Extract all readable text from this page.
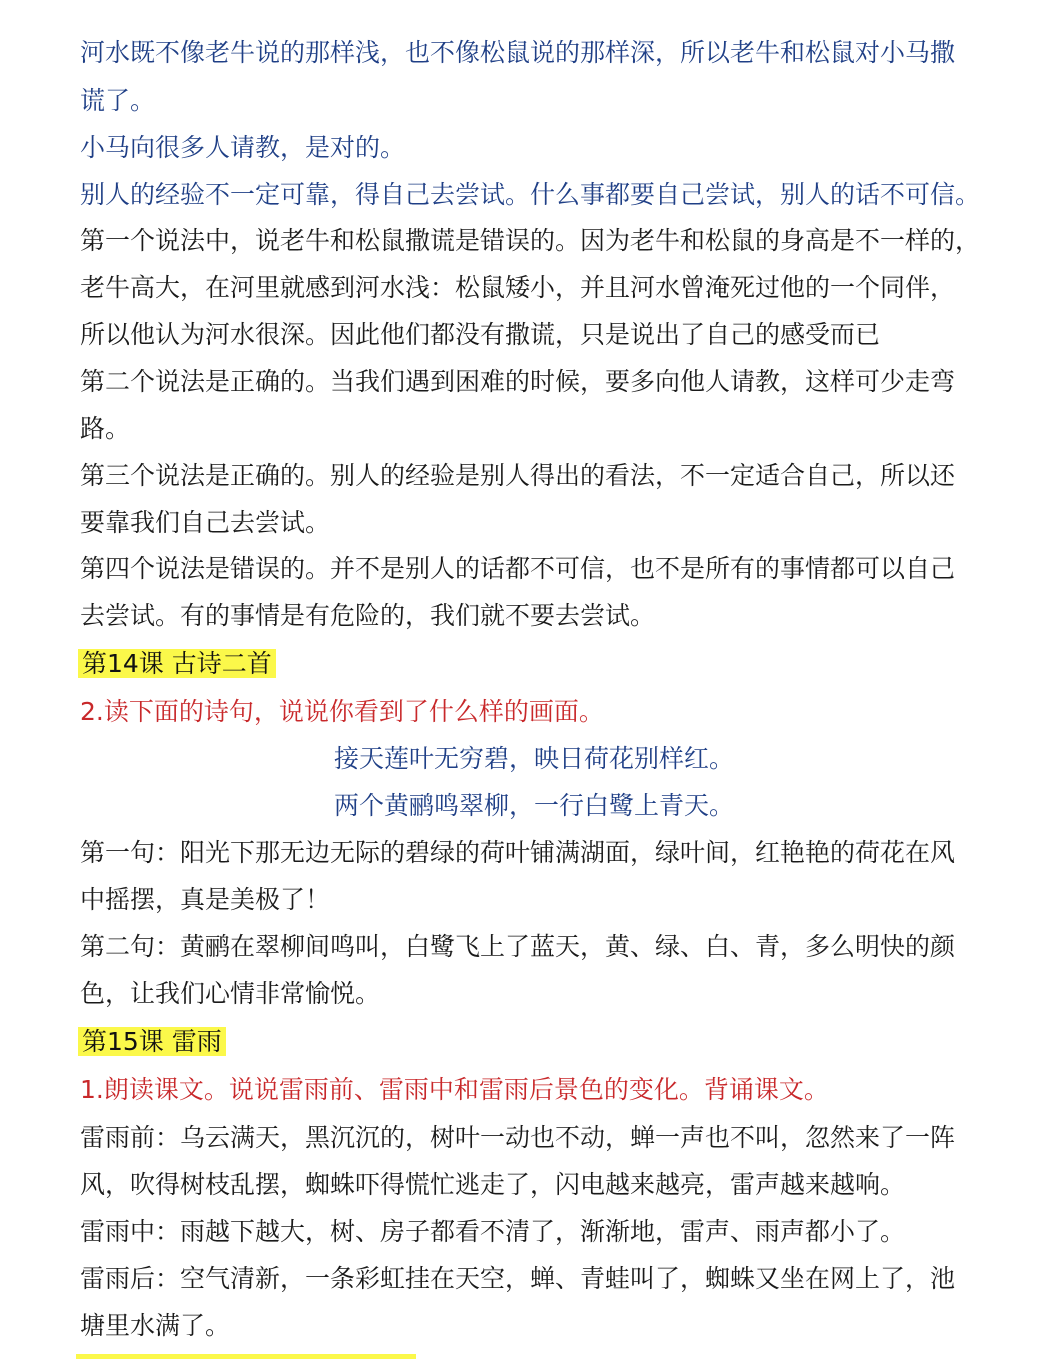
河水既不像老牛说的那样浅，也不像松鼠说的那样深，所以老牛和松鼠对小马撒
谎了。
小马向很多人请教，是对的。
别人的经验不一定可靠，得自己去尝试。什么事都要自己尝试，别人的话不可信。
第一个说法中，说老牛和松鼠撒谎是错误的。因为老牛和松鼠的身高是不一样的，
老牛高大，在河里就感到河水浅：松鼠矮小，并且河水曾淹死过他的一个同伴，
所以他认为河水很深。因此他们都没有撒谎，只是说出了自己的感受而已
第二个说法是正确的。当我们遇到困难的时候，要多向他人请教，这样可少走弯
路。
第三个说法是正确的。别人的经验是别人得出的看法，不一定适合自己，所以还
要靠我们自己去尝试。
第四个说法是错误的。并不是别人的话都不可信，也不是所有的事情都可以自己
去尝试。有的事情是有危险的，我们就不要去尝试。
第14课 古诗二首
2.读下面的诗句，说说你看到了什么样的画面。
接天莲叶无穷碧，映日荷花别样红。
两个黄鹂鸣翠柳，一行白鹭上青天。
第一句：阳光下那无边无际的碧绿的荷叶铺满湖面，绿叶间，红艳艳的荷花在风
中摇摆，真是美极了！
第二句：黄鹂在翠柳间鸣叫，白鹭飞上了蓝天，黄、绿、白、青，多么明快的颜
色，让我们心情非常愉悦。
第15课 雷雨
1.朗读课文。说说雷雨前、雷雨中和雷雨后景色的变化。背诵课文。
雷雨前：乌云满天，黑沉沉的，树叶一动也不动，蝉一声也不叫，忽然来了一阵
风，吹得树枝乱摆，蜘蛛吓得慌忙逃走了，闪电越来越亮，雷声越来越响。
雷雨中：雨越下越大，树、房子都看不清了，渐渐地，雷声、雨声都小了。
雷雨后：空气清新，一条彩虹挂在天空，蝉、青蛙叫了，蜘蛛又坐在网上了，池
塘里水满了。
